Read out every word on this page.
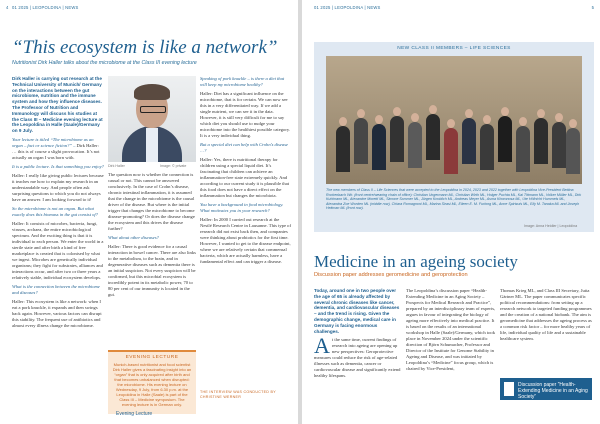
4 01 2025 | LEOPOLDINA | NEWS
“This ecosystem is like a network”
Nutritionist Dirk Haller talks about the microbiome at the Class III evening lecture

Dirk Haller is carrying out research at the Technical University of Munich/ Germany on the interactions between the gut microbiome, nutrition and the immune system and how they influence diseases. The Professor of Nutrition and Immunology will discuss his studies at the Class III – Medicine evening lecture at the Leopoldina in Halle (Saale)/Germany on 9 July.

Your lecture is titled “The microbiome as an organ – fact or science fiction?” – Dirk Haller: … this is of course a slight provocation. It’s not actually an organ I was born with.

It is a public lecture. Is that something you enjoy?

Haller: I really like giving public lectures because it teaches me how to explain my research in an understandable way. And people often ask surprising questions to which you do not always have an answer. I am looking forward to it!

So the microbiome is not an organ. But what exactly does this biomass in the gut consist of?

Haller: It consists of microbes, bacteria, fungi, viruses, archaea, the entire microbiological spectrum. And the exciting thing is that it is individual to each person. We enter the world in a sterile state and after birth a kind of free marketplace is created that is colonised by what we ingest. Microbes are genetically individual organisms; they fight for substrates, alliances and interactions occur, and after two or three years a relatively stable, individual ecosystem develops.

What is the connection between the microbiome and diseases?

Haller: This ecosystem is like a network: when I eat a pork knuckle, it expands and then swings back again. However, various factors can disrupt this stability. The frequent use of antibiotics and almost every illness change the microbiome.

Dirk Haller	Image: © private

The question now is whether the connection is causal or not. This cannot be answered conclusively. In the case of Crohn’s disease, chronic intestinal inflammation, it is assumed that the change in the microbiome is the causal driver of the disease. But where is the initial trigger that changes the microbiome to become disease-promoting? Or does the disease change the ecosystem and this drives the disease further?

What about other diseases?

Haller: There is good evidence for a causal interaction in bowel cancer. There are also links to the metabolism, to the brain, and in degenerative diseases such as dementia there is an initial suspicion. Not every suspicion will be confirmed, but this microbial ecosystem is incredibly potent in its metabolic power, 70 to 80 per cent of our immunity is located in the gut.

EVENING LECTURE
Munich-based nutritionist and food scientist Dirk Haller gives a fascinating insight into an “organ” that is only acquired after birth and that becomes unbalanced when disrupted: the microbiome. His evening lecture on Wednesday, 9 July, from 6.30 p.m. at the Leopoldina in Halle (Saale) is part of the Class III – Medicine symposium. The evening lecture is in German only.
Evening Lecture

Speaking of pork knuckle – is there a diet that will keep my microbiome healthy?

Haller: Diet has a significant influence on the microbiome, that is for certain. We can now see this in a very differentiated way. If we add a single nutrient, we can see it in the data. However, it is still very difficult for me to say which diet you should use to nudge your microbiome into the healthiest possible category. It is a very individual thing.

But a special diet can help with Crohn’s disease …?

Haller: Yes, there is nutritional therapy for children using a special liquid diet. It’s fascinating that children can achieve an inflammation-free state extremely quickly. And according to our current study it is plausible that this food does not have a direct effect on the inflammation but changes the microbiota.

You have a background in food microbiology. What motivates you in your research?

Haller: In 2000 I carried out research at the Nestlé Research Centre in Lausanne. This type of research did not exist back then, and companies were thinking about probiotics for the first time. However, I wanted to get to the disease endpoint, where we are relatively certain that commensal bacteria, which are actually harmless, have a fundamental effect and can trigger a disease.

THE INTERVIEW WAS CONDUCTED BY CHRISTINE WERNER
01 2025 | LEOPOLDINA | NEWS	5
NEW CLASS II MEMBERS – LIFE SCIENCES
The new members of Class II – Life Sciences that were accepted to the Leopoldina in 2024, 2023 and 2022 together with Leopoldina Vice-President Bettina Rockenbach Wir. (front centre/wearing chain of office): Christian Ungermann ML, Christian Wirth ML, Holger Puchta ML, Kai Tittmann ML, Volker Müller ML, Dirk Kuhlmann ML, Alexandre Moretti ML, Simone Sommer ML, Jürgen Knoblich ML, Andreas Meyer ML, Asma Khoronosa ML, Ute Höfnicht Hummels ML, Alexandra Zoe Worden ML (middle row), Chiara Romagnoni ML, Marina Sirasi ML, Eileen E. M. Furlong ML, Anne Spirtzuis ML, Elly M. Tanaka ML and Joseph Heitman ML (front row).
Image: Anna Heidler | Leopoldina
Medicine in an ageing society
Discussion paper addresses geromedicine and geroprotection

Today, around one in two people over the age of 65 is already affected by several chronic diseases like cancer, dementia, and cardiovascular diseases – and the trend is rising. Given the demographic change, medical care in Germany is facing enormous challenges.

At the same time, current findings of research into ageing are opening up new perspectives: Geroprotective measures could reduce the risk of age-related illnesses such as dementia, cancer or cardiovascular disease and significantly extend healthy lifespans.

The Leopoldina’s discussion paper “Health-Extending Medicine in an Aging Society – Prospects for Medical Research and Practice”, prepared by an interdisciplinary team of experts, argues in favour of integrating the biology of ageing more effectively into medical practice. It is based on the results of an international workshop in Halle (Saale)/Germany, which took place in November 2024 under the scientific direction of Björn Schumacher, Professor and Director of the Institute for Genome Stability in Ageing and Disease, and was initiated by Leopoldina’s “Medicine” focus group, which is chaired by Vice-President,

Thomas Krieg ML, and Class III Secretary, Jutta Gärtner ML. The paper communicates specific political recommendations: from setting up a research network to targeted funding programmes and the creation of a national biobank. The aim is geromedicine that addresses the ageing process as a common risk factor – for more healthy years of life, individual quality of life and a sustainable healthcare system.

Discussion paper “Health-Extending Medicine in an Aging Society”
